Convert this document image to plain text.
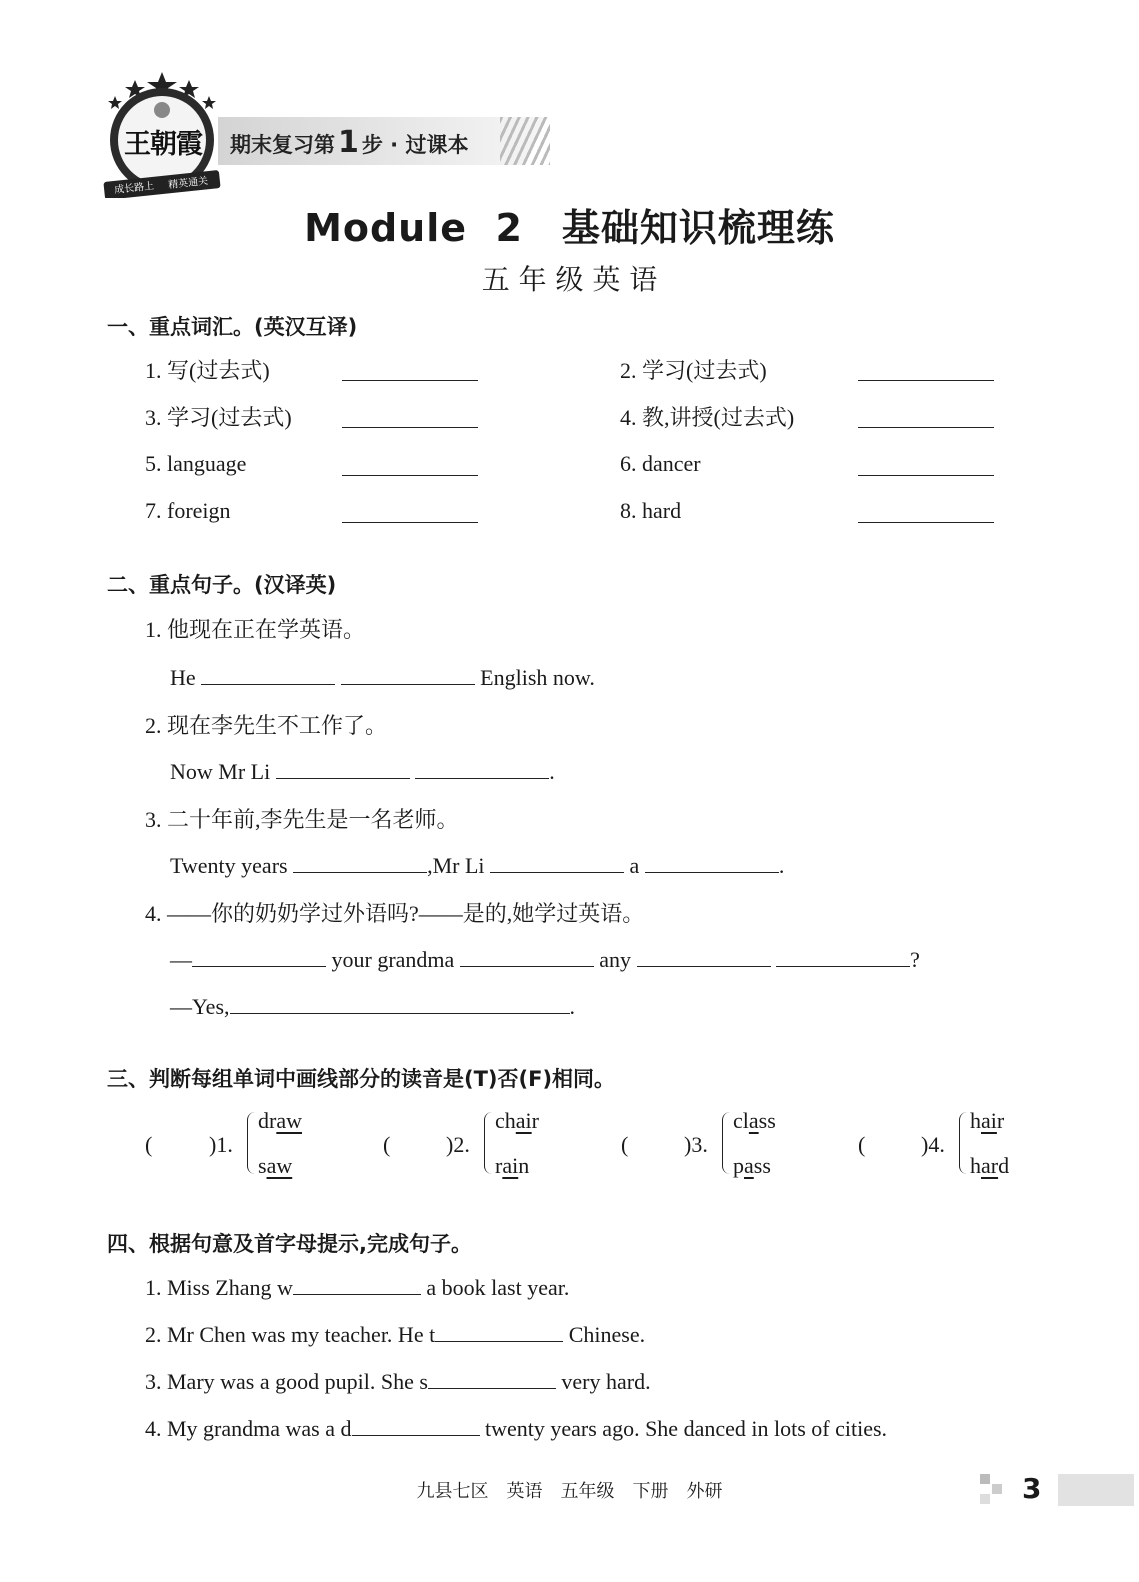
王朝霞
成长路上 精英通关
期末复习第 1 步 · 过课本
Module  2　基础知识梳理练
五 年 级 英 语
一、重点词汇。(英汉互译)
1. 写(过去式)	2. 学习(过去式)
3. 学习(过去式)	4. 教,讲授(过去式)
5. language	6. dancer
7. foreign	8. hard
二、重点句子。(汉译英)
1. 他现在正在学英语。
He	English now.
2. 现在李先生不工作了。
Now Mr Li	.
3. 二十年前,李先生是一名老师。
Twenty years	,Mr Li	a	.
4. ——你的奶奶学过外语吗?——是的,她学过英语。
—	your grandma	any	?
—Yes,	.
三、判断每组单词中画线部分的读音是(T)否(F)相同。
(	)1.
draw
saw
(	)2.
chair
rain
(	)3.
class
pass
(	)4.
hair
hard
四、根据句意及首字母提示,完成句子。
1. Miss Zhang w	a book last year.
2. Mr Chen was my teacher. He t	Chinese.
3. Mary was a good pupil. She s	very hard.
4. My grandma was a d	twenty years ago. She danced in lots of cities.
九县七区　英语　五年级　下册　外研	3
